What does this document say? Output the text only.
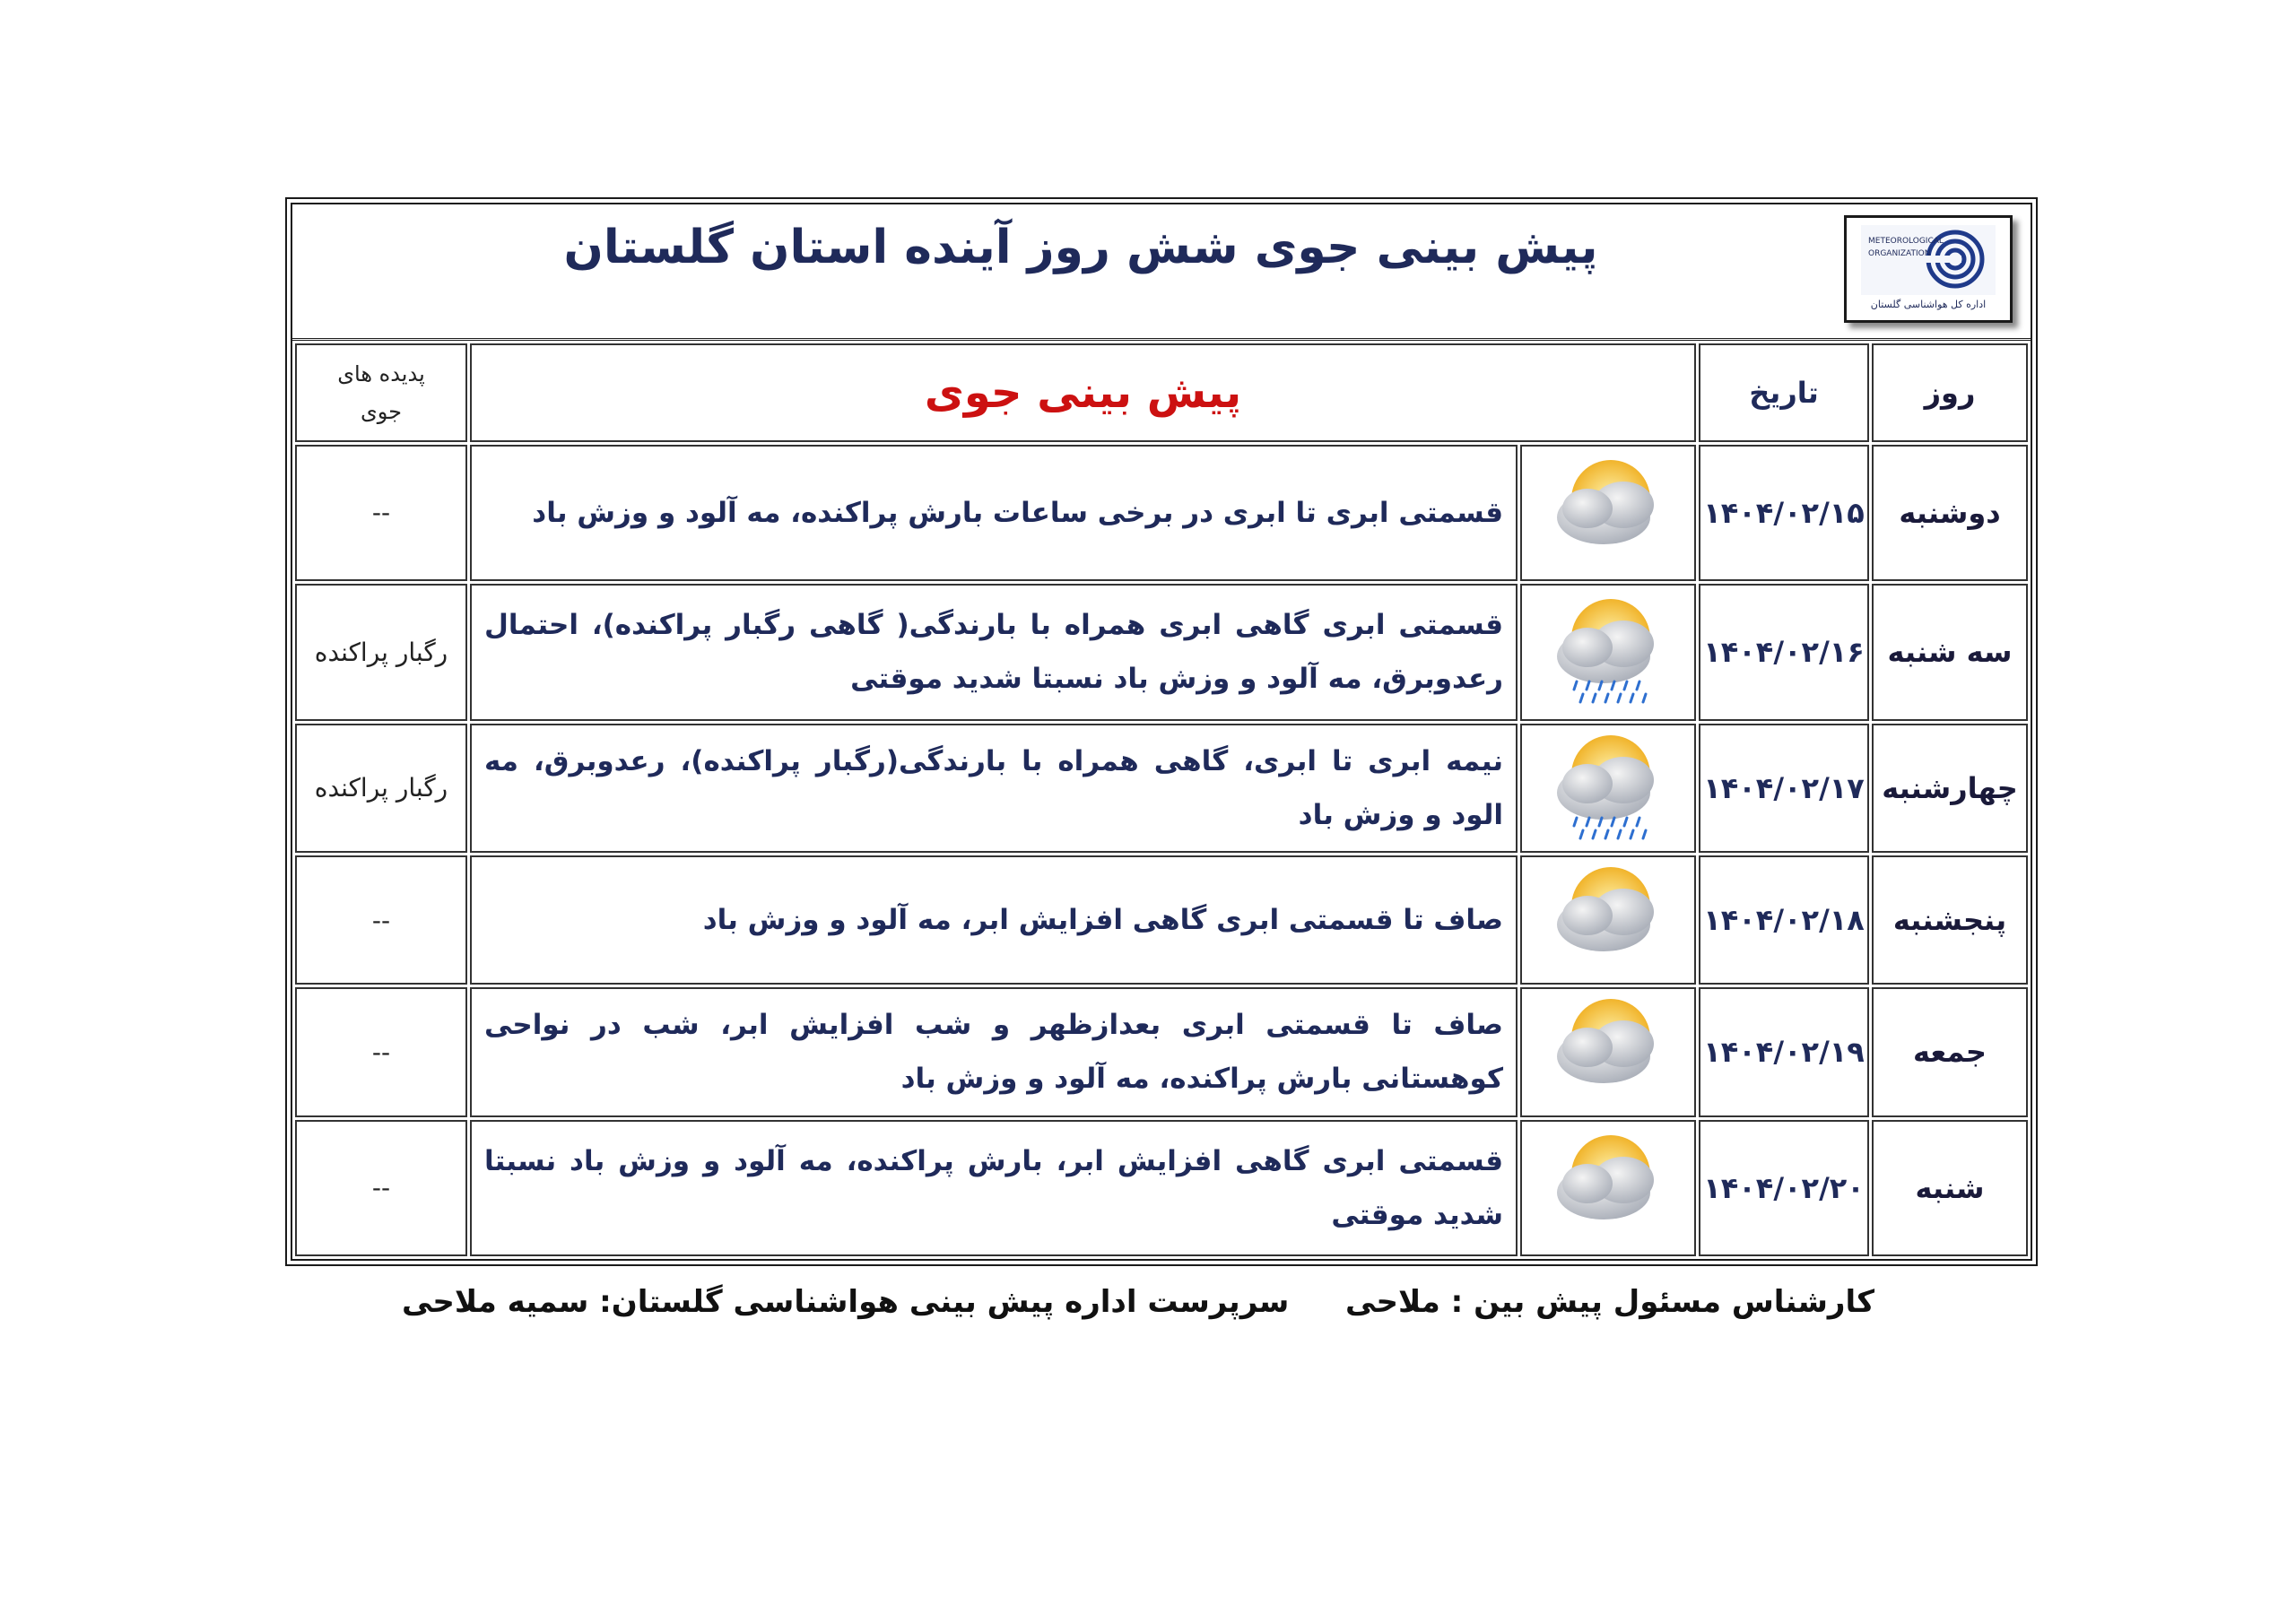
پیش بینی جوی شش روز آینده استان گلستان	METEOROLOGICAL
ORGANIZATION
اداره کل هواشناسی گلستان
روز	تاریخ	پیش بینی جوی		پدیده های جوی

دوشنبه	۱۴۰۴/۰۲/۱۵		قسمتی ابری تا ابری در برخی ساعات بارش پراکنده، مه آلود و وزش باد	--
سه شنبه	۱۴۰۴/۰۲/۱۶		قسمتی ابری گاهی ابری همراه با بارندگی( گاهی رگبار پراکنده)، احتمال رعدوبرق، مه آلود و وزش باد نسبتا شدید موقتی	رگبار پراکنده
چهارشنبه	۱۴۰۴/۰۲/۱۷		نیمه ابری تا ابری، گاهی همراه با بارندگی(رگبار پراکنده)، رعدوبرق، مه الود و وزش باد	رگبار پراکنده
پنجشنبه	۱۴۰۴/۰۲/۱۸		صاف تا قسمتی ابری گاهی افزایش ابر، مه آلود و وزش باد	--
جمعه	۱۴۰۴/۰۲/۱۹		صاف تا قسمتی ابری بعدازظهر و شب افزایش ابر، شب در نواحی کوهستانی بارش پراکنده، مه آلود و وزش باد	--
شنبه	۱۴۰۴/۰۲/۲۰		قسمتی ابری گاهی افزایش ابر، بارش پراکنده، مه آلود و وزش باد نسبتا شدید موقتی	--
کارشناس مسئول پیش بین : ملاحی
سرپرست اداره پیش بینی هواشناسی گلستان: سمیه ملاحی
